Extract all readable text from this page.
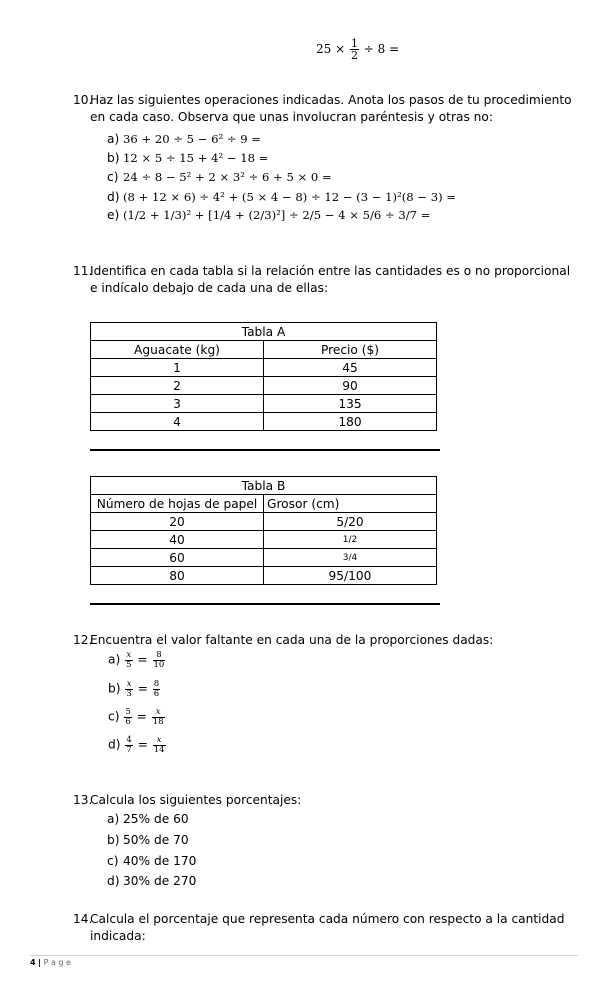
$25 \times \frac{1}{2} \div 8$ =
10.
Haz las siguientes operaciones indicadas. Anota los pasos de tu procedimiento en cada caso. Observa que unas involucran paréntesis y otras no:
a) 36 + 20 ÷ 5 − 6² ÷ 9 =
b) 12 × 5 ÷ 15 + 4² − 18 =
c) 24 ÷ 8 − 5² + 2 × 3² ÷ 6 + 5 × 0 =
d) (8 + 12 × 6) ÷ 4² + (5 × 4 − 8) ÷ 12 − (3 − 1)²(8 − 3) =
e) (1/2 + 1/3)² + [1/4 + (2/3)²] ÷ 2/5 − 4 × 5/6 ÷ 3/7 =
11.
Identifica en cada tabla si la relación entre las cantidades es o no proporcional e indícalo debajo de cada una de ellas:
Tabla A	
Aguacate (kg)	Precio ($)
1	45
2	90
3	135
4	180
Tabla B	
Número de hojas de papel	Grosor (cm)
20	5/20
40	1/2
60	3/4
80	95/100
12.
Encuentra el valor faltante en cada una de la proporciones dadas:
$a) \frac{x}{5} = \frac{8}{10}$
$b) \frac{x}{3} = \frac{8}{6}$
$c) \frac{5}{6} = \frac{x}{18}$
$d) \frac{4}{7} = \frac{x}{14}$
13.
Calcula los siguientes porcentajes:
a) 25% de 60
b) 50% de 70
c) 40% de 170
d) 30% de 270
14.
Calcula el porcentaje que representa cada número con respecto a la cantidad indicada:
4 | P a g e
